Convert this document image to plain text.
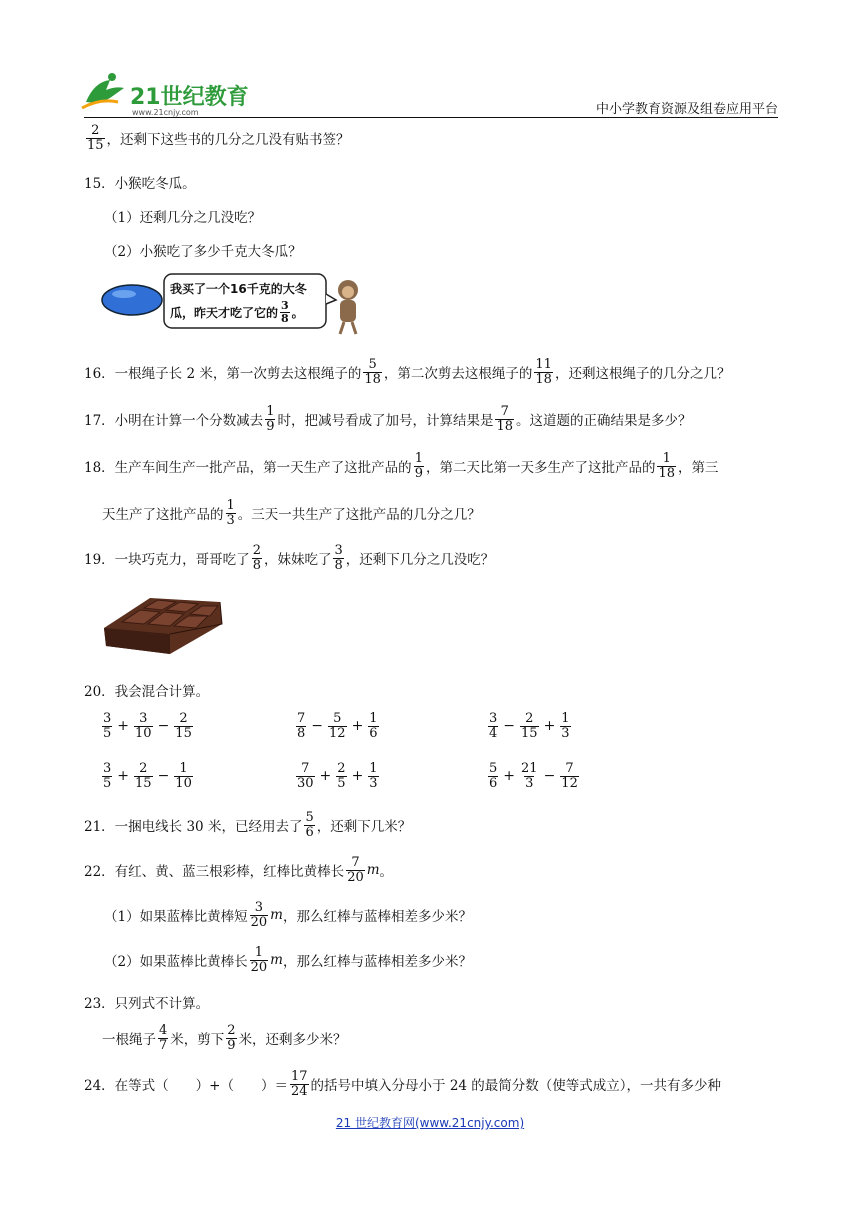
21世纪教育
www.21cnjy.com	中小学教育资源及组卷应用平台
$\frac{2}{15}$ ，还剩下这些书的几分之几没有贴书签？
15．小猴吃冬瓜。
（1）还剩几分之几没吃？
（2）小猴吃了多少千克大冬瓜？
我买了一个16千克的大冬
瓜，昨天才吃了它的 $\frac{3}{8}$ 。
16．一根绳子长 2 米，第一次剪去这根绳子的 $\frac{5}{18}$ ，第二次剪去这根绳子的 $\frac{11}{18}$ ，还剩这根绳子的几分之几？
17．小明在计算一个分数减去 $\frac{1}{9}$ 时，把减号看成了加号，计算结果是 $\frac{7}{18}$ 。这道题的正确结果是多少？
18．生产车间生产一批产品，第一天生产了这批产品的 $\frac{1}{9}$ ，第二天比第一天多生产了这批产品的 $\frac{1}{18}$ ，第三
天生产了这批产品的 $\frac{1}{3}$ 。三天一共生产了这批产品的几分之几？
19．一块巧克力，哥哥吃了 $\frac{2}{8}$ ，妹妹吃了 $\frac{3}{8}$ ，还剩下几分之几没吃？
20．我会混合计算。
$\frac{3}{5} + \frac{3}{10} - \frac{2}{15}$	$\frac{7}{8} - \frac{5}{12} + \frac{1}{6}$	$\frac{3}{4} - \frac{2}{15} + \frac{1}{3}$
$\frac{3}{5} + \frac{2}{15} - \frac{1}{10}$	$\frac{7}{30} + \frac{2}{5} + \frac{1}{3}$	$\frac{5}{6} + \frac{21}{3} - \frac{7}{12}$
21．一捆电线长 30 米，已经用去了 $\frac{5}{6}$ ，还剩下几米？
22．有红、黄、蓝三根彩棒，红棒比黄棒长 $\frac{7}{20}$ m 。
（1）如果蓝棒比黄棒短 $\frac{3}{20}$ m ，那么红棒与蓝棒相差多少米？
（2）如果蓝棒比黄棒长 $\frac{1}{20}$ m ，那么红棒与蓝棒相差多少米？
23．只列式不计算。
一根绳子 $\frac{4}{7}$ 米，剪下 $\frac{2}{9}$ 米，还剩多少米？
24．在等式（　　）+（　　）＝ $\frac{17}{24}$ 的括号中填入分母小于 24 的最简分数（使等式成立），一共有多少种
21 世纪教育网(www.21cnjy.com)
